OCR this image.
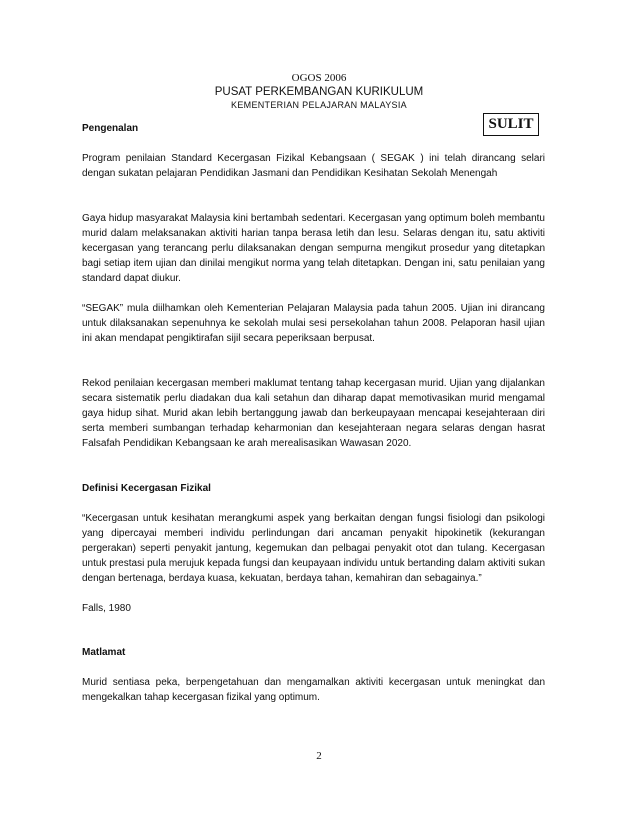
OGOS 2006
PUSAT PERKEMBANGAN KURIKULUM
KEMENTERIAN PELAJARAN MALAYSIA
SULIT
Pengenalan
Program penilaian Standard Kecergasan Fizikal Kebangsaan ( SEGAK ) ini telah dirancang selari dengan sukatan pelajaran Pendidikan Jasmani dan Pendidikan Kesihatan Sekolah Menengah
Gaya hidup masyarakat Malaysia kini bertambah sedentari. Kecergasan yang optimum boleh membantu murid dalam melaksanakan aktiviti harian tanpa berasa letih dan lesu. Selaras dengan itu, satu aktiviti kecergasan yang terancang perlu dilaksanakan dengan sempurna mengikut prosedur yang ditetapkan bagi setiap item ujian dan dinilai mengikut norma yang telah ditetapkan. Dengan ini, satu penilaian yang standard dapat diukur.
“SEGAK” mula diilhamkan oleh Kementerian Pelajaran Malaysia pada tahun 2005. Ujian ini dirancang untuk dilaksanakan sepenuhnya ke sekolah mulai sesi persekolahan tahun 2008. Pelaporan hasil ujian ini akan mendapat pengiktirafan sijil secara peperiksaan berpusat.
Rekod penilaian kecergasan memberi maklumat tentang tahap kecergasan murid. Ujian yang dijalankan secara sistematik perlu diadakan dua kali setahun dan diharap dapat memotivasikan murid mengamal gaya hidup sihat. Murid akan lebih bertanggung jawab dan berkeupayaan mencapai kesejahteraan diri serta memberi sumbangan terhadap keharmonian dan kesejahteraan negara selaras dengan hasrat Falsafah Pendidikan Kebangsaan ke arah merealisasikan Wawasan 2020.
Definisi Kecergasan Fizikal
“Kecergasan untuk kesihatan merangkumi aspek yang berkaitan dengan fungsi fisiologi dan psikologi yang dipercayai memberi individu perlindungan dari ancaman penyakit hipokinetik (kekurangan pergerakan) seperti penyakit jantung, kegemukan dan pelbagai penyakit otot dan tulang. Kecergasan untuk prestasi pula merujuk kepada fungsi dan keupayaan individu untuk bertanding dalam aktiviti sukan dengan bertenaga, berdaya kuasa, kekuatan, berdaya tahan, kemahiran dan sebagainya.”
Falls, 1980
Matlamat
Murid sentiasa peka, berpengetahuan dan mengamalkan aktiviti kecergasan untuk meningkat dan mengekalkan tahap kecergasan fizikal yang optimum.
2
